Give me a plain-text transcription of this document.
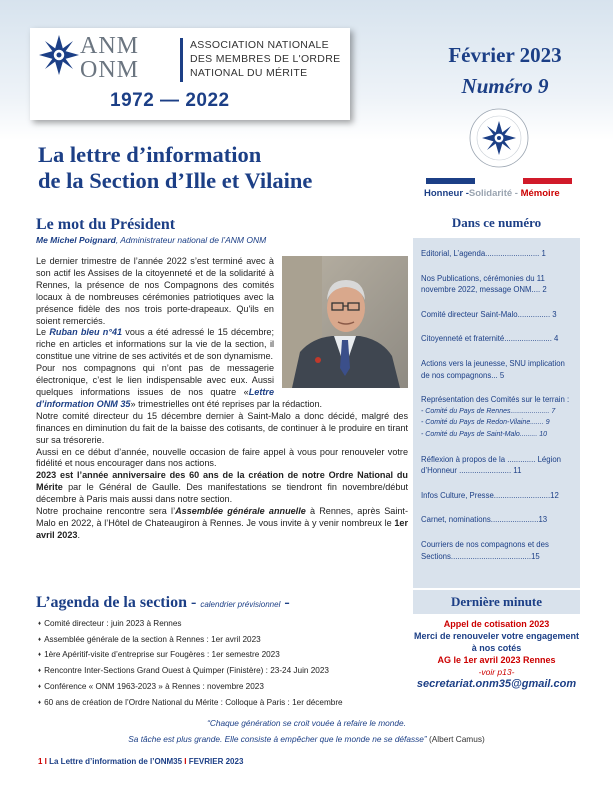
ANM
ONM
ASSOCIATION NATIONALE
DES MEMBRES DE L'ORDRE
NATIONAL DU MÉRITE
1972 — 2022
Février 2023
Numéro 9
La lettre d’information
de la Section d’Ille et Vilaine
Honneur -Solidarité - Mémoire
Le mot du Président
Me Michel Poignard, Administrateur national de l’ANM ONM

Le dernier trimestre de l’année 2022 s’est terminé avec à son actif les Assises de la citoyenneté et de la solidarité à Rennes, la présence de nos Compagnons des comités locaux à de nombreuses cérémonies patriotiques avec la présence fidèle des nos trois porte-drapeaux. Qu'ils en soient remerciés.

Le Ruban bleu n°41 vous a été adressé le 15 décembre; riche en articles et informations sur la vie de la section, il constitue une vitrine de ses activités et de son dynamisme.

Pour nos compagnons qui n’ont pas de messagerie électronique, c’est le lien indispensable avec eux. Aussi quelques informations issues de nos quatre «Lettre d’information ONM 35» trimestrielles ont été reprises par la rédaction.

Notre comité directeur du 15 décembre dernier à Saint-Malo a donc décidé, malgré des finances en diminution du fait de la baisse des cotisants, de continuer à le produire en tirant sur sa trésorerie.

Aussi en ce début d’année, nouvelle occasion de faire appel à vous pour renouveler votre fidélité et nous encourager dans nos actions.

2023 est l’année anniversaire des 60 ans de la création de notre Ordre National du Mérite par le Général de Gaulle. Des manifestations se tiendront fin novembre/début décembre à Paris mais aussi dans notre section.

Notre prochaine rencontre sera l’Assemblée générale annuelle à Rennes, après Saint-Malo en 2022, à l’Hôtel de Chateaugiron à Rennes. Je vous invite à y venir nombreux le 1er avril 2023.

L’agenda de la section - calendrier prévisionnel -
♦ Comité directeur : juin 2023 à Rennes
♦ Assemblée générale de la section à Rennes : 1er avril 2023
♦ 1ère Apéritif-visite d’entreprise sur Fougères : 1er semestre 2023
♦ Rencontre Inter-Sections Grand Ouest à Quimper (Finistère) : 23-24 Juin 2023
♦ Conférence « ONM 1963-2023 » à Rennes : novembre 2023
♦ 60 ans de création de l’Ordre National du Mérite : Colloque à Paris : 1er décembre
“Chaque génération se croit vouée à refaire le monde.
Sa tâche est plus grande. Elle consiste à empêcher que le monde ne se défasse” (Albert Camus)
1 I La Lettre d’information de l’ONM35 I FEVRIER 2023
Dans ce numéro
Editorial, L’agenda......................... 1
Nos Publications, cérémonies du 11 novembre 2022, message ONM.... 2
Comité directeur Saint-Malo............... 3
Citoyenneté et fraternité...................... 4
Actions vers la jeunesse, SNU implication de nos compagnons... 5
Représentation des Comités sur le terrain :
- Comité du Pays de Rennes.................... 7
- Comité du Pays de Redon-Vilaine....... 9
- Comité du Pays de Saint-Malo......... 10
Réflexion à propos de la ............. Légion d’Honneur ........................ 11
Infos Culture, Presse..........................12
Carnet, nominations......................13
Courriers de nos compagnons et des Sections.....................................15
Dernière minute
Appel de cotisation 2023
Merci de renouveler votre engagement à nos cotés
AG le 1er avril 2023 Rennes
-voir p13-
secretariat.onm35@gmail.com
